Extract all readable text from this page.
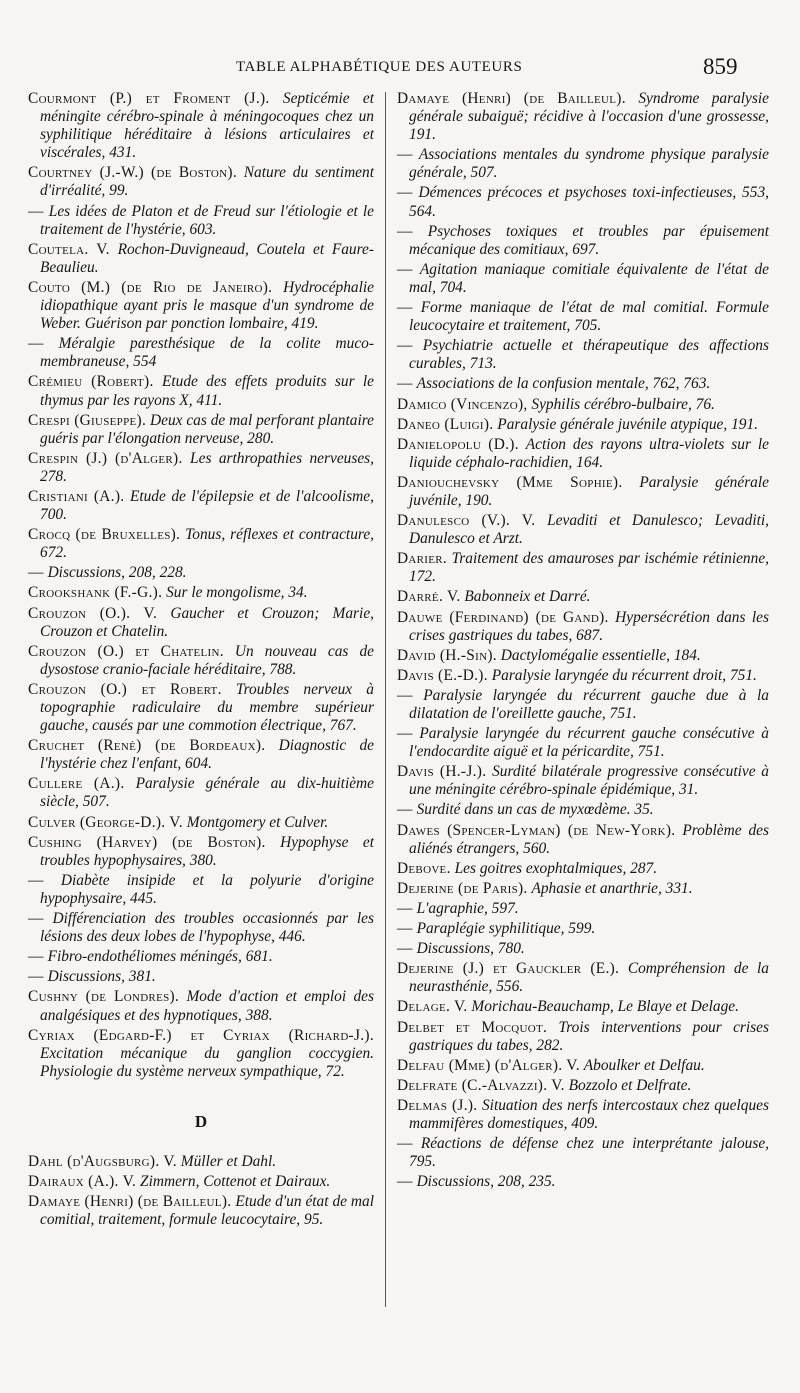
TABLE ALPHABÉTIQUE DES AUTEURS	859

Courmont (P.) et Froment (J.). Septicémie et méningite cérébro-spinale à méningocoques chez un syphilitique héréditaire à lésions articulaires et viscérales, 431.

Courtney (J.-W.) (de Boston). Nature du sentiment d'irréalité, 99.

— Les idées de Platon et de Freud sur l'étiologie et le traitement de l'hystérie, 603.

Coutela. V. Rochon-Duvigneaud, Coutela et Faure-Beaulieu.

Couto (M.) (de Rio de Janeiro). Hydrocéphalie idiopathique ayant pris le masque d'un syndrome de Weber. Guérison par ponction lombaire, 419.

— Méralgie paresthésique de la colite muco-membraneuse, 554

Crémieu (Robert). Etude des effets produits sur le thymus par les rayons X, 411.

Crespi (Giuseppe). Deux cas de mal perforant plantaire guéris par l'élongation nerveuse, 280.

Crespin (J.) (d'Alger). Les arthropathies nerveuses, 278.

Cristiani (A.). Etude de l'épilepsie et de l'alcoolisme, 700.

Crocq (de Bruxelles). Tonus, réflexes et contracture, 672.

— Discussions, 208, 228.

Crookshank (F.-G.). Sur le mongolisme, 34.

Crouzon (O.). V. Gaucher et Crouzon; Marie, Crouzon et Chatelin.

Crouzon (O.) et Chatelin. Un nouveau cas de dysostose cranio-faciale héréditaire, 788.

Crouzon (O.) et Robert. Troubles nerveux à topographie radiculaire du membre supérieur gauche, causés par une commotion électrique, 767.

Cruchet (René) (de Bordeaux). Diagnostic de l'hystérie chez l'enfant, 604.

Cullere (A.). Paralysie générale au dix-huitième siècle, 507.

Culver (George-D.). V. Montgomery et Culver.

Cushing (Harvey) (de Boston). Hypophyse et troubles hypophysaires, 380.

— Diabète insipide et la polyurie d'origine hypophysaire, 445.

— Différenciation des troubles occasionnés par les lésions des deux lobes de l'hypophyse, 446.

— Fibro-endothéliomes méningés, 681.

— Discussions, 381.

Cushny (de Londres). Mode d'action et emploi des analgésiques et des hypnotiques, 388.

Cyriax (Edgard-F.) et Cyriax (Richard-J.). Excitation mécanique du ganglion coccygien. Physiologie du système nerveux sympathique, 72.

D

Dahl (d'Augsburg). V. Müller et Dahl.

Dairaux (A.). V. Zimmern, Cottenot et Dairaux.

Damaye (Henri) (de Bailleul). Etude d'un état de mal comitial, traitement, formule leucocytaire, 95.

Damaye (Henri) (de Bailleul). Syndrome paralysie générale subaiguë; récidive à l'occasion d'une grossesse, 191.

— Associations mentales du syndrome physique paralysie générale, 507.

— Démences précoces et psychoses toxi-infectieuses, 553, 564.

— Psychoses toxiques et troubles par épuisement mécanique des comitiaux, 697.

— Agitation maniaque comitiale équivalente de l'état de mal, 704.

— Forme maniaque de l'état de mal comitial. Formule leucocytaire et traitement, 705.

— Psychiatrie actuelle et thérapeutique des affections curables, 713.

— Associations de la confusion mentale, 762, 763.

Damico (Vincenzo), Syphilis cérébro-bulbaire, 76.

Daneo (Luigi). Paralysie générale juvénile atypique, 191.

Danielopolu (D.). Action des rayons ultra-violets sur le liquide céphalo-rachidien, 164.

Daniouchevsky (Mme Sophie). Paralysie générale juvénile, 190.

Danulesco (V.). V. Levaditi et Danulesco; Levaditi, Danulesco et Arzt.

Darier. Traitement des amauroses par ischémie rétinienne, 172.

Darré. V. Babonneix et Darré.

Dauwe (Ferdinand) (de Gand). Hypersécrétion dans les crises gastriques du tabes, 687.

David (H.-Sin). Dactylomégalie essentielle, 184.

Davis (E.-D.). Paralysie laryngée du récurrent droit, 751.

— Paralysie laryngée du récurrent gauche due à la dilatation de l'oreillette gauche, 751.

— Paralysie laryngée du récurrent gauche consécutive à l'endocardite aiguë et la péricardite, 751.

Davis (H.-J.). Surdité bilatérale progressive consécutive à une méningite cérébro-spinale épidémique, 31.

— Surdité dans un cas de myxœdème. 35.

Dawes (Spencer-Lyman) (de New-York). Problème des aliénés étrangers, 560.

Debove. Les goitres exophtalmiques, 287.

Dejerine (de Paris). Aphasie et anarthrie, 331.

— L'agraphie, 597.

— Paraplégie syphilitique, 599.

— Discussions, 780.

Dejerine (J.) et Gauckler (E.). Compréhension de la neurasthénie, 556.

Delage. V. Morichau-Beauchamp, Le Blaye et Delage.

Delbet et Mocquot. Trois interventions pour crises gastriques du tabes, 282.

Delfau (Mme) (d'Alger). V. Aboulker et Delfau.

Delfrate (C.-Alvazzi). V. Bozzolo et Delfrate.

Delmas (J.). Situation des nerfs intercostaux chez quelques mammifères domestiques, 409.

— Réactions de défense chez une interprétante jalouse, 795.

— Discussions, 208, 235.
